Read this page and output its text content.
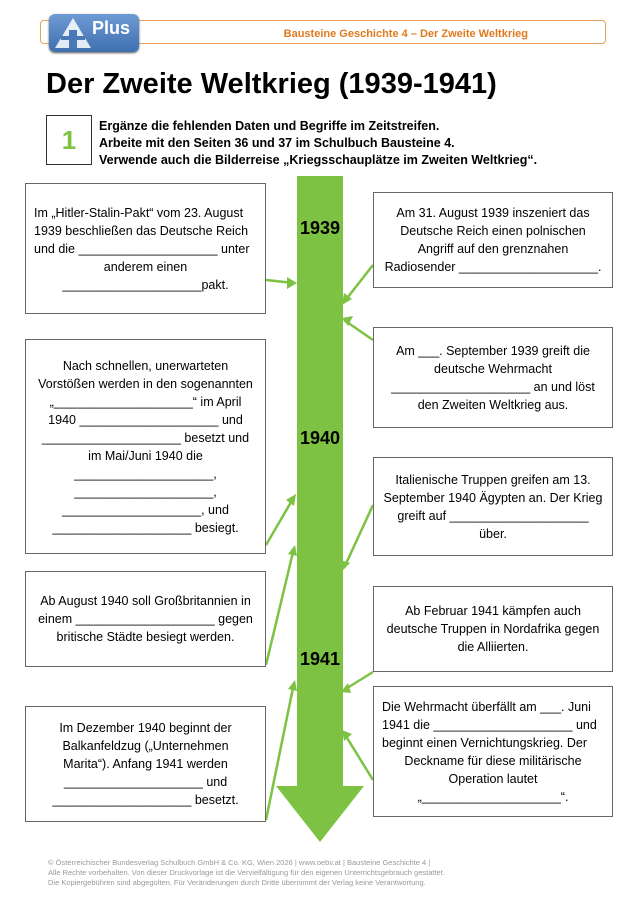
Plus	Bausteine Geschichte 4 – Der Zweite Weltkrieg
Der Zweite Weltkrieg (1939-1941)
1	Ergänze die fehlenden Daten und Begriffe im Zeitstreifen.
Arbeite mit den Seiten 36 und 37 im Schulbuch Bausteine 4.
Verwende auch die Bilderreise „Kriegsschauplätze im Zweiten Weltkrieg“.
1939
1940
1941
Im „Hitler-Stalin-Pakt“ vom 23. August
1939 beschließen das Deutsche Reich
und die ____________________ unter
anderem einen
____________________pakt.
Nach schnellen, unerwarteten
Vorstößen werden in den sogenannten
„____________________“ im April
1940 ____________________ und
____________________ besetzt und
im Mai/Juni 1940 die
____________________,
____________________,
____________________, und
____________________ besiegt.
Ab August 1940 soll Großbritannien in
einem ____________________ gegen
britische Städte besiegt werden.
Im Dezember 1940 beginnt der
Balkanfeldzug („Unternehmen
Marita“). Anfang 1941 werden
____________________ und
____________________ besetzt.
Am 31. August 1939 inszeniert das
Deutsche Reich einen polnischen
Angriff auf den grenznahen
Radiosender ____________________.
Am ___. September 1939 greift die
deutsche Wehrmacht
____________________ an und löst
den Zweiten Weltkrieg aus.
Italienische Truppen greifen am 13.
September 1940 Ägypten an. Der Krieg
greift auf ____________________
über.
Ab Februar 1941 kämpfen auch
deutsche Truppen in Nordafrika gegen
die Alliierten.
Die Wehrmacht überfällt am ___. Juni
1941 die ____________________ und
beginnt einen Vernichtungskrieg. Der
Deckname für diese militärische
Operation lautet
„____________________“.
© Österreichischer Bundesverlag Schulbuch GmbH & Co. KG, Wien 2026 | www.oebv.at | Bausteine Geschichte 4 |
Alle Rechte vorbehalten. Von dieser Druckvorlage ist die Vervielfältigung für den eigenen Unterrichtsgebrauch gestattet.
Die Kopiergebühren sind abgegolten. Für Veränderungen durch Dritte übernimmt der Verlag keine Verantwortung.
